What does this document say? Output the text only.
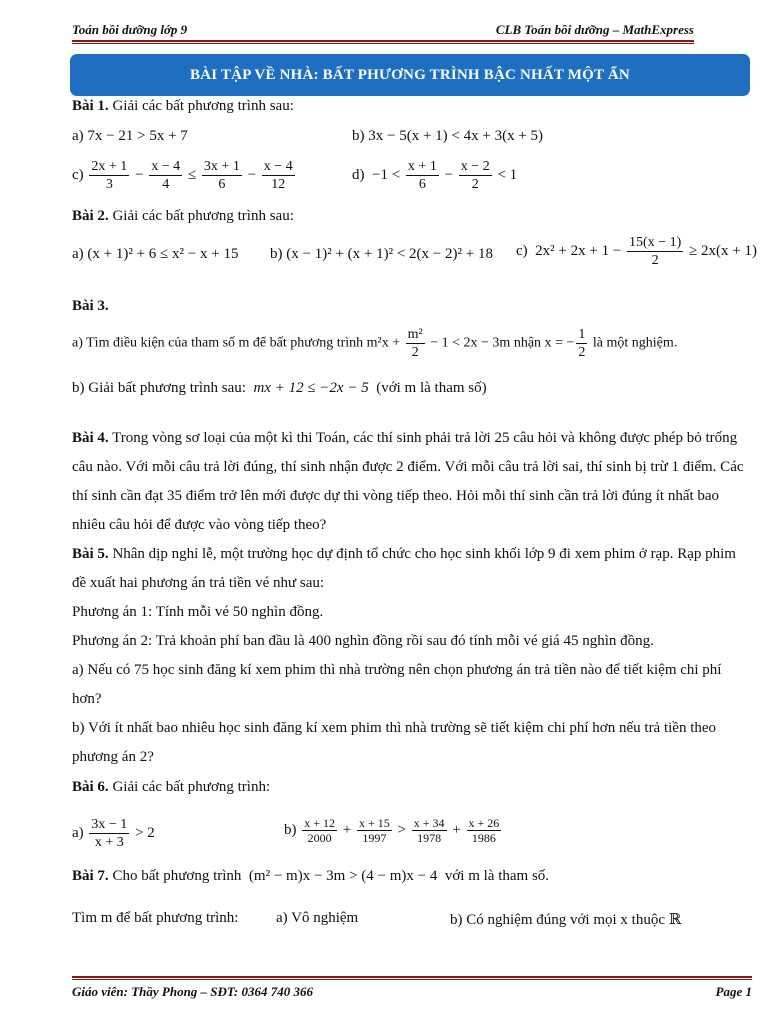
Toán bồi dưỡng lớp 9	CLB Toán bồi dưỡng – MathExpress
BÀI TẬP VỀ NHÀ: BẤT PHƯƠNG TRÌNH BẬC NHẤT MỘT ẨN
Bài 1. Giải các bất phương trình sau:
a) 7x − 21 > 5x + 7	b) 3x − 5(x + 1) < 4x + 3(x + 5)
$c) \frac{2x + 1}{3} - \frac{x - 4}{4} \le \frac{3x + 1}{6} - \frac{x - 4}{12}$	$d) -1 < \frac{x + 1}{6} - \frac{x - 2}{2} < 1$
Bài 2. Giải các bất phương trình sau:
a) (x + 1)² + 6 ≤ x² − x + 15 b) (x − 1)² + (x + 1)² < 2(x − 2)² + 18 c)  $2x^2 + 2x + 1 - \frac{15(x - 1)}{2} \ge 2x(x + 1)$
Bài 3.
a) Tìm điều kiện của tham số m để bất phương trình $m^2x + \frac{\text{m²}}{2} - 1 < 2x - 3m$ nhận x = − $\frac{1}{2}$ là một nghiệm.
b) Giải bất phương trình sau: mx + 12 ≤ −2x − 5 (với m là tham số)
Bài 4. Trong vòng sơ loại của một kì thi Toán, các thí sinh phải trả lời 25 câu hỏi và không được phép bỏ trống câu nào. Với mỗi câu trả lời đúng, thí sinh nhận được 2 điểm. Với mỗi câu trả lời sai, thí sinh bị trừ 1 điểm. Các thí sinh cần đạt 35 điểm trở lên mới được dự thi vòng tiếp theo. Hỏi mỗi thí sinh cần trả lời đúng ít nhất bao nhiêu câu hỏi để được vào vòng tiếp theo?
Bài 5. Nhân dịp nghỉ lễ, một trường học dự định tổ chức cho học sinh khối lớp 9 đi xem phim ở rạp. Rạp phim đề xuất hai phương án trả tiền vé như sau:
Phương án 1: Tính mỗi vé 50 nghìn đồng.
Phương án 2: Trả khoản phí ban đầu là 400 nghìn đồng rồi sau đó tính mỗi vé giá 45 nghìn đồng.
a) Nếu có 75 học sinh đăng kí xem phim thì nhà trường nên chọn phương án trả tiền nào để tiết kiệm chi phí hơn?
b) Với ít nhất bao nhiêu học sinh đăng kí xem phim thì nhà trường sẽ tiết kiệm chi phí hơn nếu trả tiền theo phương án 2?
Bài 6. Giải các bất phương trình:
$a) \frac{3x - 1}{x + 3} > 2$	$b) \frac{x + 12}{2000} + \frac{x + 15}{1997} > \frac{x + 34}{1978} + \frac{x + 26}{1986}$
Bài 7. Cho bất phương trình (m² − m)x − 3m > (4 − m)x − 4 với m là tham số.
Tìm m để bất phương trình:	a) Vô nghiệm	b) Có nghiệm đúng với mọi x thuộc ℝ
Giáo viên: Thầy Phong – SĐT: 0364 740 366	Page 1
